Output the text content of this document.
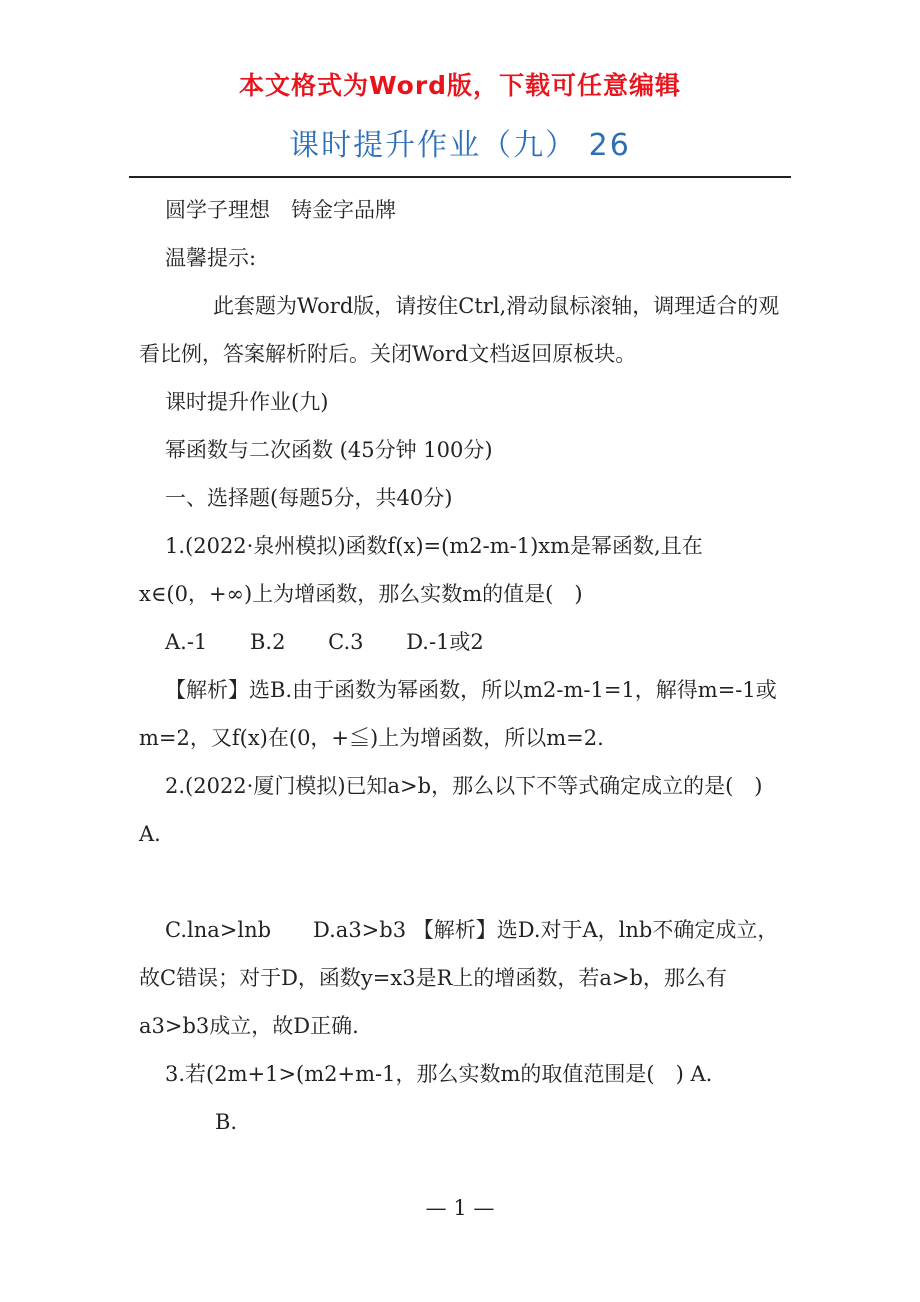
本文格式为Word版，下载可任意编辑
课时提升作业（九） 26

圆学子理想　铸金字品牌

温馨提示:

此套题为Word版，请按住Ctrl,滑动鼠标滚轴，调理适合的观看比例，答案解析附后。关闭Word文档返回原板块。

课时提升作业(九)

幂函数与二次函数 (45分钟 100分)

一、选择题(每题5分，共40分)

1.(2022·泉州模拟)函数f(x)=(m2-m-1)xm是幂函数,且在x∈(0，+∞)上为增函数，那么实数m的值是(　)

A.-1 B.2 C.3 D.-1或2

【解析】选B.由于函数为幂函数，所以m2-m-1=1，解得m=-1或m=2，又f(x)在(0，+≦)上为增函数，所以m=2.

2.(2022·厦门模拟)已知a>b，那么以下不等式确定成立的是(　) A.

C.lna>lnb　　D.a3>b3 【解析】选D.对于A，lnb不确定成立，故C错误；对于D，函数y=x3是R上的增函数，若a>b，那么有a3>b3成立，故D正确.

3.若(2m+1>(m2+m-1，那么实数m的取值范围是(　) A.

B.

— 1 —
